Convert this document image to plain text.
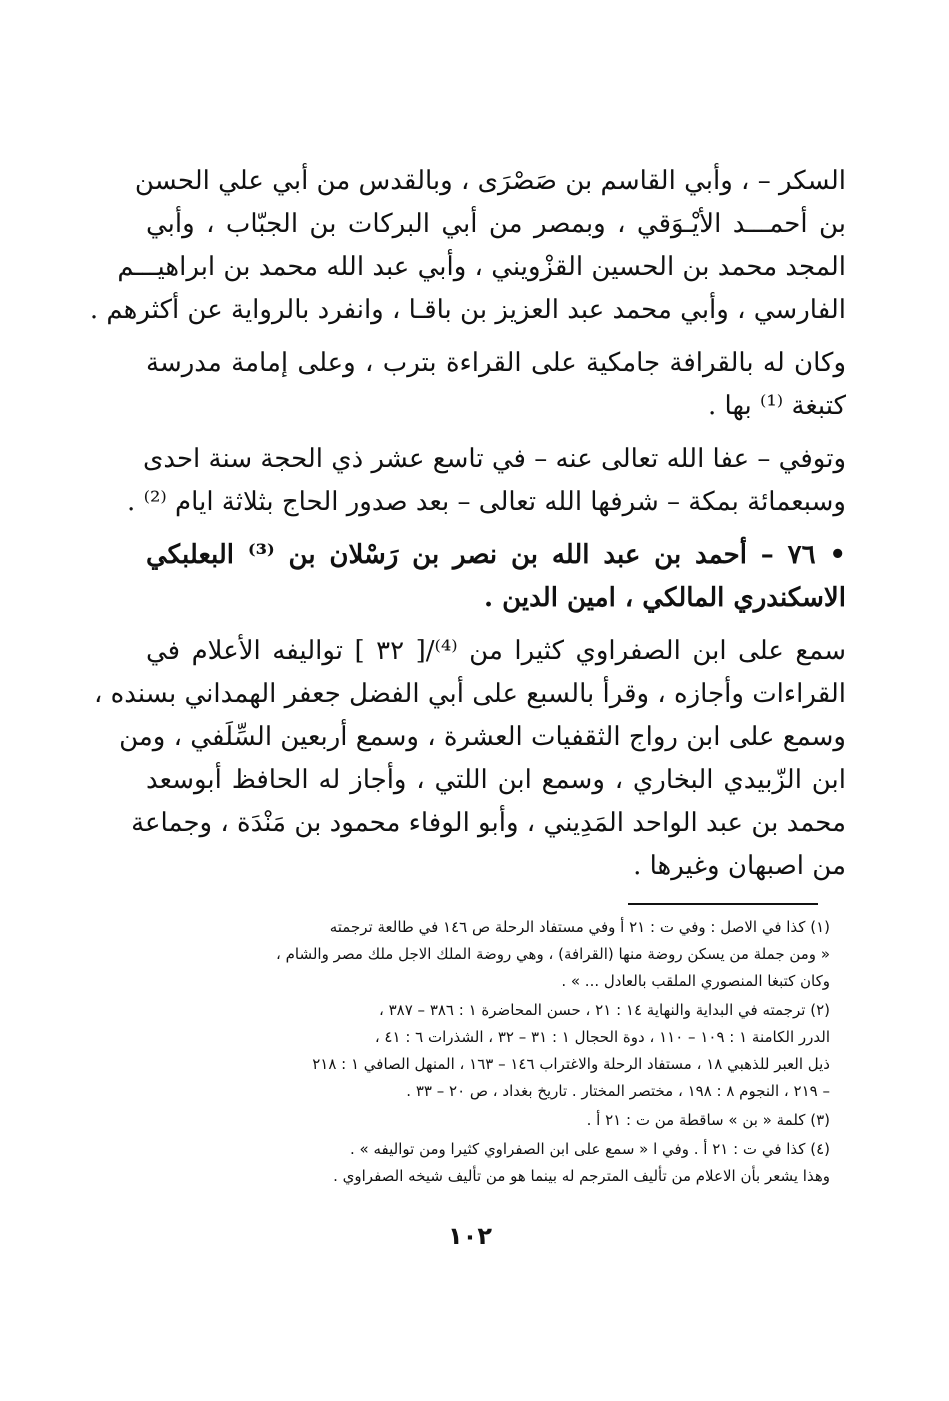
السكر – ، وأبي القاسم بن صَصْرَى ، وبالقدس من أبي علي الحسن
بن أحمـــد الأيْـوَقي ، وبمصر من أبي البركات بن الجبّاب ، وأبي
المجد محمد بن الحسين القزْويني ، وأبي عبد الله محمد بن ابراهيـــم
الفارسي ، وأبي محمد عبد العزيز بن باقـا ، وانفرد بالرواية عن أكثرهم .
وكان له بالقرافة جامكية على القراءة بترب ، وعلى إمامة مدرسة
كتبغة ⁽¹⁾ بها .
وتوفي – عفا الله تعالى عنه – في تاسع عشر ذي الحجة سنة احدى
وسبعمائة بمكة – شرفها الله تعالى – بعد صدور الحاج بثلاثة ايام ⁽²⁾ .
• ٧٦ – أحمد بن عبد الله بن نصر بن رَسْلان بن ⁽³⁾ البعلبكي
الاسكندري المالكي ، امين الدين .
سمع على ابن الصفراوي كثيرا من ⁽⁴⁾/[ ٣٢ ] تواليفه الأعلام في
القراءات وأجازه ، وقرأ بالسبع على أبي الفضل جعفر الهمداني بسنده ،
وسمع على ابن رواج الثقفيات العشرة ، وسمع أربعين السِّلَفي ، ومن
ابن الزّبيدي البخاري ، وسمع ابن اللتي ، وأجاز له الحافظ أبوسعد
محمد بن عبد الواحد المَدِيني ، وأبو الوفاء محمود بن مَنْدَة ، وجماعة
من اصبهان وغيرها .
(١) كذا في الاصل : وفي ت : ٢١ أ وفي مستفاد الرحلة ص ١٤٦ في طالعة ترجمته
« ومن جملة من يسكن روضة منها (القرافة) ، وهي روضة الملك الاجل ملك مصر والشام ،
وكان كتبغا المنصوري الملقب بالعادل ... » .
(٢) ترجمته في البداية والنهاية ١٤ : ٢١ ، حسن المحاضرة ١ : ٣٨٦ – ٣٨٧ ،
الدرر الكامنة ١ : ١٠٩ – ١١٠ ، دوة الحجال ١ : ٣١ – ٣٢ ، الشذرات ٦ : ٤١ ،
ذيل العبر للذهبي ١٨ ، مستفاد الرحلة والاغتراب ١٤٦ – ١٦٣ ، المنهل الصافي ١ : ٢١٨
– ٢١٩ ، النجوم ٨ : ١٩٨ ، مختصر المختار . تاريخ بغداد ، ص ٢٠ – ٣٣ .
(٣) كلمة « بن » ساقطة من ت : ٢١ أ .
(٤) كذا في ت : ٢١ أ . وفي ا « سمع على ابن الصفراوي كثيرا ومن تواليفه » .
وهذا يشعر بأن الاعلام من تأليف المترجم له بينما هو من تأليف شيخه الصفراوي .
١٠٢
